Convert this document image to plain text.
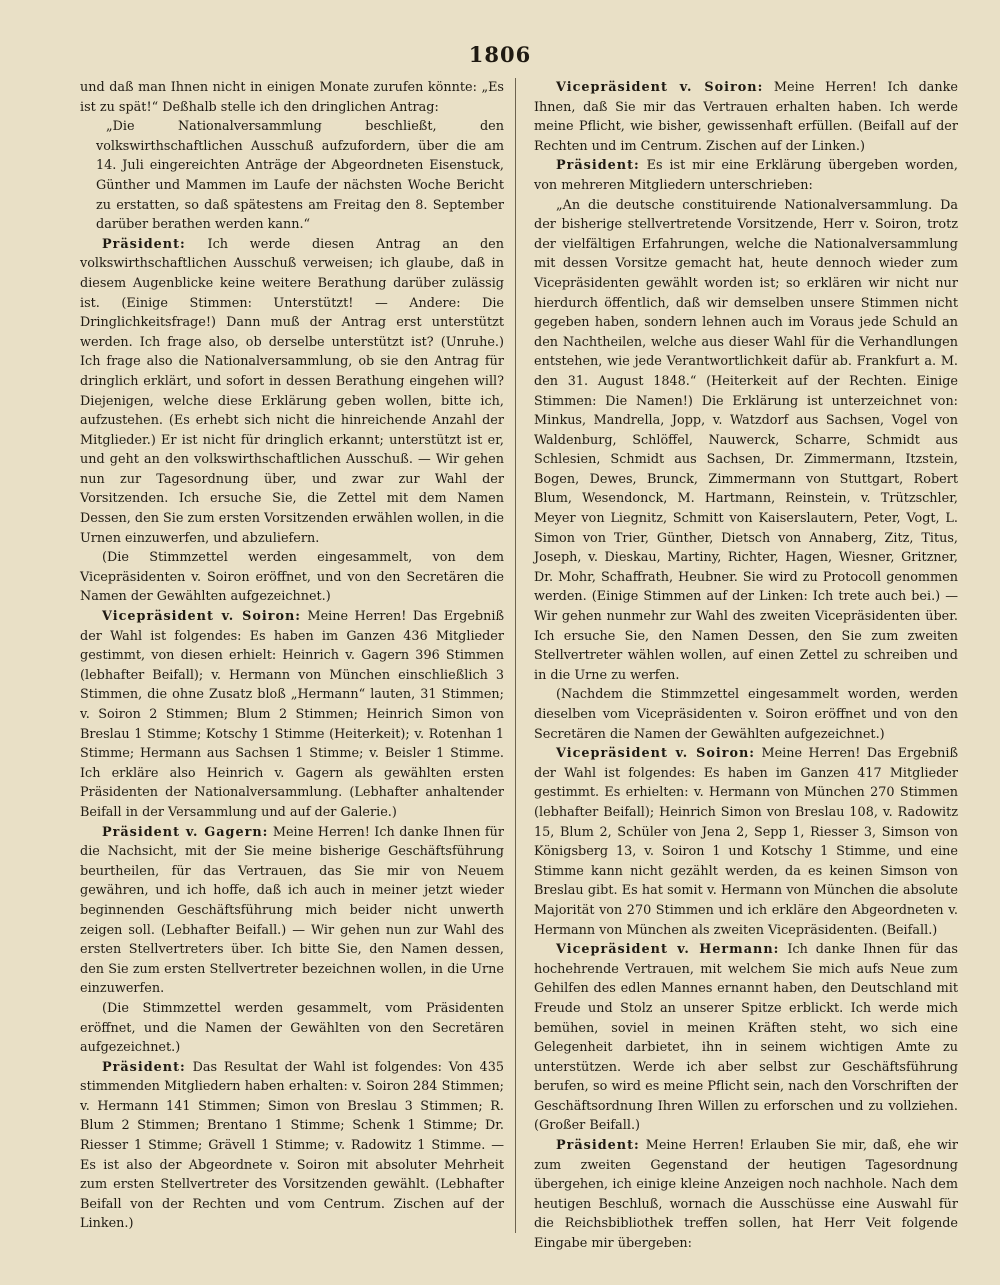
1806

und daß man Ihnen nicht in einigen Monate zurufen könnte: „Es ist zu spät!“ Deßhalb stelle ich den dringlichen Antrag:

„Die Nationalversammlung beschließt, den volkswirthschaftlichen Ausschuß aufzufordern, über die am 14. Juli eingereichten Anträge der Abgeordneten Eisenstuck, Günther und Mammen im Laufe der nächsten Woche Bericht zu erstatten, so daß spätestens am Freitag den 8. September darüber berathen werden kann.“

Präsident: Ich werde diesen Antrag an den volkswirthschaftlichen Ausschuß verweisen; ich glaube, daß in diesem Augenblicke keine weitere Berathung darüber zulässig ist. (Einige Stimmen: Unterstützt! — Andere: Die Dringlichkeitsfrage!) Dann muß der Antrag erst unterstützt werden. Ich frage also, ob derselbe unterstützt ist? (Unruhe.) Ich frage also die Nationalversammlung, ob sie den Antrag für dringlich erklärt, und sofort in dessen Berathung eingehen will? Diejenigen, welche diese Erklärung geben wollen, bitte ich, aufzustehen. (Es erhebt sich nicht die hinreichende Anzahl der Mitglieder.) Er ist nicht für dringlich erkannt; unterstützt ist er, und geht an den volkswirthschaftlichen Ausschuß. — Wir gehen nun zur Tagesordnung über, und zwar zur Wahl der Vorsitzenden. Ich ersuche Sie, die Zettel mit dem Namen Dessen, den Sie zum ersten Vorsitzenden erwählen wollen, in die Urnen einzuwerfen, und abzuliefern.

(Die Stimmzettel werden eingesammelt, von dem Vicepräsidenten v. Soiron eröffnet, und von den Secretären die Namen der Gewählten aufgezeichnet.)

Vicepräsident v. Soiron: Meine Herren! Das Ergebniß der Wahl ist folgendes: Es haben im Ganzen 436 Mitglieder gestimmt, von diesen erhielt: Heinrich v. Gagern 396 Stimmen (lebhafter Beifall); v. Hermann von München einschließlich 3 Stimmen, die ohne Zusatz bloß „Hermann“ lauten, 31 Stimmen; v. Soiron 2 Stimmen; Blum 2 Stimmen; Heinrich Simon von Breslau 1 Stimme; Kotschy 1 Stimme (Heiterkeit); v. Rotenhan 1 Stimme; Hermann aus Sachsen 1 Stimme; v. Beisler 1 Stimme. Ich erkläre also Heinrich v. Gagern als gewählten ersten Präsidenten der Nationalversammlung. (Lebhafter anhaltender Beifall in der Versammlung und auf der Galerie.)

Präsident v. Gagern: Meine Herren! Ich danke Ihnen für die Nachsicht, mit der Sie meine bisherige Geschäftsführung beurtheilen, für das Vertrauen, das Sie mir von Neuem gewähren, und ich hoffe, daß ich auch in meiner jetzt wieder beginnenden Geschäftsführung mich beider nicht unwerth zeigen soll. (Lebhafter Beifall.) — Wir gehen nun zur Wahl des ersten Stellvertreters über. Ich bitte Sie, den Namen dessen, den Sie zum ersten Stellvertreter bezeichnen wollen, in die Urne einzuwerfen.

(Die Stimmzettel werden gesammelt, vom Präsidenten eröffnet, und die Namen der Gewählten von den Secretären aufgezeichnet.)

Präsident: Das Resultat der Wahl ist folgendes: Von 435 stimmenden Mitgliedern haben erhalten: v. Soiron 284 Stimmen; v. Hermann 141 Stimmen; Simon von Breslau 3 Stimmen; R. Blum 2 Stimmen; Brentano 1 Stimme; Schenk 1 Stimme; Dr. Riesser 1 Stimme; Grävell 1 Stimme; v. Radowitz 1 Stimme. — Es ist also der Abgeordnete v. Soiron mit absoluter Mehrheit zum ersten Stellvertreter des Vorsitzenden gewählt. (Lebhafter Beifall von der Rechten und vom Centrum. Zischen auf der Linken.)

Vicepräsident v. Soiron: Meine Herren! Ich danke Ihnen, daß Sie mir das Vertrauen erhalten haben. Ich werde meine Pflicht, wie bisher, gewissenhaft erfüllen. (Beifall auf der Rechten und im Centrum. Zischen auf der Linken.)

Präsident: Es ist mir eine Erklärung übergeben worden, von mehreren Mitgliedern unterschrieben:

„An die deutsche constituirende Nationalversammlung. Da der bisherige stellvertretende Vorsitzende, Herr v. Soiron, trotz der vielfältigen Erfahrungen, welche die Nationalversammlung mit dessen Vorsitze gemacht hat, heute dennoch wieder zum Vicepräsidenten gewählt worden ist; so erklären wir nicht nur hierdurch öffentlich, daß wir demselben unsere Stimmen nicht gegeben haben, sondern lehnen auch im Voraus jede Schuld an den Nachtheilen, welche aus dieser Wahl für die Verhandlungen entstehen, wie jede Verantwortlichkeit dafür ab. Frankfurt a. M. den 31. August 1848.“ (Heiterkeit auf der Rechten. Einige Stimmen: Die Namen!) Die Erklärung ist unterzeichnet von: Minkus, Mandrella, Jopp, v. Watzdorf aus Sachsen, Vogel von Waldenburg, Schlöffel, Nauwerck, Scharre, Schmidt aus Schlesien, Schmidt aus Sachsen, Dr. Zimmermann, Itzstein, Bogen, Dewes, Brunck, Zimmermann von Stuttgart, Robert Blum, Wesendonck, M. Hartmann, Reinstein, v. Trützschler, Meyer von Liegnitz, Schmitt von Kaiserslautern, Peter, Vogt, L. Simon von Trier, Günther, Dietsch von Annaberg, Zitz, Titus, Joseph, v. Dieskau, Martiny, Richter, Hagen, Wiesner, Gritzner, Dr. Mohr, Schaffrath, Heubner. Sie wird zu Protocoll genommen werden. (Einige Stimmen auf der Linken: Ich trete auch bei.) — Wir gehen nunmehr zur Wahl des zweiten Vicepräsidenten über. Ich ersuche Sie, den Namen Dessen, den Sie zum zweiten Stellvertreter wählen wollen, auf einen Zettel zu schreiben und in die Urne zu werfen.

(Nachdem die Stimmzettel eingesammelt worden, werden dieselben vom Vicepräsidenten v. Soiron eröffnet und von den Secretären die Namen der Gewählten aufgezeichnet.)

Vicepräsident v. Soiron: Meine Herren! Das Ergebniß der Wahl ist folgendes: Es haben im Ganzen 417 Mitglieder gestimmt. Es erhielten: v. Hermann von München 270 Stimmen (lebhafter Beifall); Heinrich Simon von Breslau 108, v. Radowitz 15, Blum 2, Schüler von Jena 2, Sepp 1, Riesser 3, Simson von Königsberg 13, v. Soiron 1 und Kotschy 1 Stimme, und eine Stimme kann nicht gezählt werden, da es keinen Simson von Breslau gibt. Es hat somit v. Hermann von München die absolute Majorität von 270 Stimmen und ich erkläre den Abgeordneten v. Hermann von München als zweiten Vicepräsidenten. (Beifall.)

Vicepräsident v. Hermann: Ich danke Ihnen für das hochehrende Vertrauen, mit welchem Sie mich aufs Neue zum Gehilfen des edlen Mannes ernannt haben, den Deutschland mit Freude und Stolz an unserer Spitze erblickt. Ich werde mich bemühen, soviel in meinen Kräften steht, wo sich eine Gelegenheit darbietet, ihn in seinem wichtigen Amte zu unterstützen. Werde ich aber selbst zur Geschäftsführung berufen, so wird es meine Pflicht sein, nach den Vorschriften der Geschäftsordnung Ihren Willen zu erforschen und zu vollziehen. (Großer Beifall.)

Präsident: Meine Herren! Erlauben Sie mir, daß, ehe wir zum zweiten Gegenstand der heutigen Tagesordnung übergehen, ich einige kleine Anzeigen noch nachhole. Nach dem heutigen Beschluß, wornach die Ausschüsse eine Auswahl für die Reichsbibliothek treffen sollen, hat Herr Veit folgende Eingabe mir übergeben:
